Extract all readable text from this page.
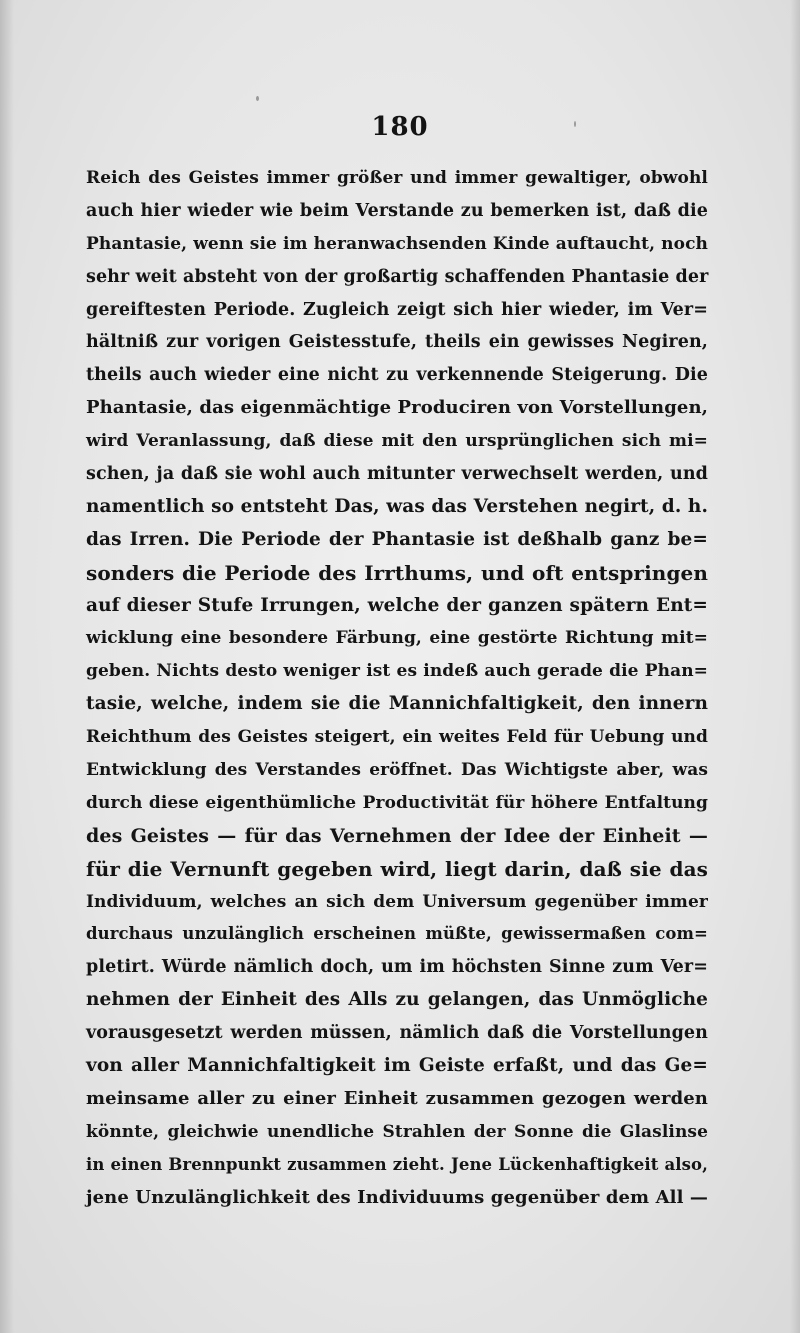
180
Reich des Geistes immer größer und immer gewaltiger, obwohl
auch hier wieder wie beim Verstande zu bemerken ist, daß die
Phantasie, wenn sie im heranwachsenden Kinde auftaucht, noch
sehr weit absteht von der großartig schaffenden Phantasie der
gereiftesten Periode. Zugleich zeigt sich hier wieder, im Ver=
hältniß zur vorigen Geistesstufe, theils ein gewisses Negiren,
theils auch wieder eine nicht zu verkennende Steigerung. Die
Phantasie, das eigenmächtige Produciren von Vorstellungen,
wird Veranlassung, daß diese mit den ursprünglichen sich mi=
schen, ja daß sie wohl auch mitunter verwechselt werden, und
namentlich so entsteht Das, was das Verstehen negirt, d. h.
das Irren. Die Periode der Phantasie ist deßhalb ganz be=
sonders die Periode des Irrthums, und oft entspringen
auf dieser Stufe Irrungen, welche der ganzen spätern Ent=
wicklung eine besondere Färbung, eine gestörte Richtung mit=
geben. Nichts desto weniger ist es indeß auch gerade die Phan=
tasie, welche, indem sie die Mannichfaltigkeit, den innern
Reichthum des Geistes steigert, ein weites Feld für Uebung und
Entwicklung des Verstandes eröffnet. Das Wichtigste aber, was
durch diese eigenthümliche Productivität für höhere Entfaltung
des Geistes — für das Vernehmen der Idee der Einheit —
für die Vernunft gegeben wird, liegt darin, daß sie das
Individuum, welches an sich dem Universum gegenüber immer
durchaus unzulänglich erscheinen müßte, gewissermaßen com=
pletirt. Würde nämlich doch, um im höchsten Sinne zum Ver=
nehmen der Einheit des Alls zu gelangen, das Unmögliche
vorausgesetzt werden müssen, nämlich daß die Vorstellungen
von aller Mannichfaltigkeit im Geiste erfaßt, und das Ge=
meinsame aller zu einer Einheit zusammen gezogen werden
könnte, gleichwie unendliche Strahlen der Sonne die Glaslinse
in einen Brennpunkt zusammen zieht. Jene Lückenhaftigkeit also,
jene Unzulänglichkeit des Individuums gegenüber dem All —
